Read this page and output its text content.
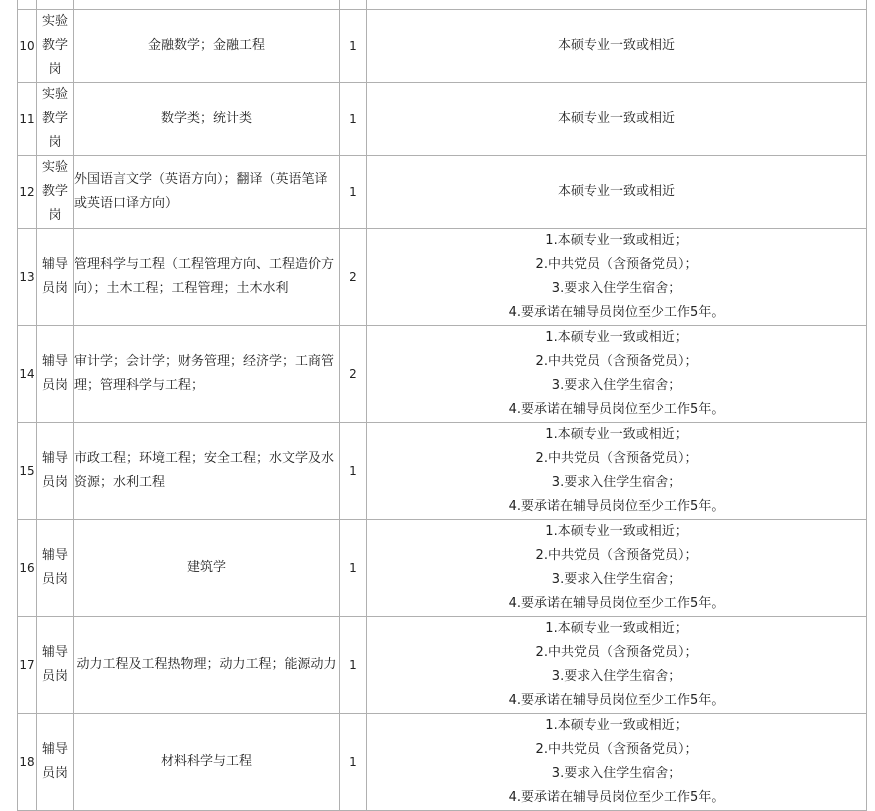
10	实验
教学
岗	金融数学；金融工程	1	本硕专业一致或相近

11	实验
教学
岗	数学类；统计类	1	本硕专业一致或相近

12	实验
教学
岗	外国语言文学（英语方向）；翻译（英语笔译或英语口译方向）	1	本硕专业一致或相近

13	辅导
员岗	管理科学与工程（工程管理方向、工程造价方向）；土木工程；工程管理；土木水利	2	1.本硕专业一致或相近；
2.中共党员（含预备党员）；
3.要求入住学生宿舍；
4.要承诺在辅导员岗位至少工作5年。

14	辅导
员岗	审计学；会计学；财务管理；经济学；工商管理；管理科学与工程；	2	1.本硕专业一致或相近；
2.中共党员（含预备党员）；
3.要求入住学生宿舍；
4.要承诺在辅导员岗位至少工作5年。

15	辅导
员岗	市政工程；环境工程；安全工程；水文学及水资源；水利工程	1	1.本硕专业一致或相近；
2.中共党员（含预备党员）；
3.要求入住学生宿舍；
4.要承诺在辅导员岗位至少工作5年。

16	辅导
员岗	建筑学	1	1.本硕专业一致或相近；
2.中共党员（含预备党员）；
3.要求入住学生宿舍；
4.要承诺在辅导员岗位至少工作5年。

17	辅导
员岗	动力工程及工程热物理；动力工程；能源动力	1	1.本硕专业一致或相近；
2.中共党员（含预备党员）；
3.要求入住学生宿舍；
4.要承诺在辅导员岗位至少工作5年。

18	辅导
员岗	材料科学与工程	1	1.本硕专业一致或相近；
2.中共党员（含预备党员）；
3.要求入住学生宿舍；
4.要承诺在辅导员岗位至少工作5年。
